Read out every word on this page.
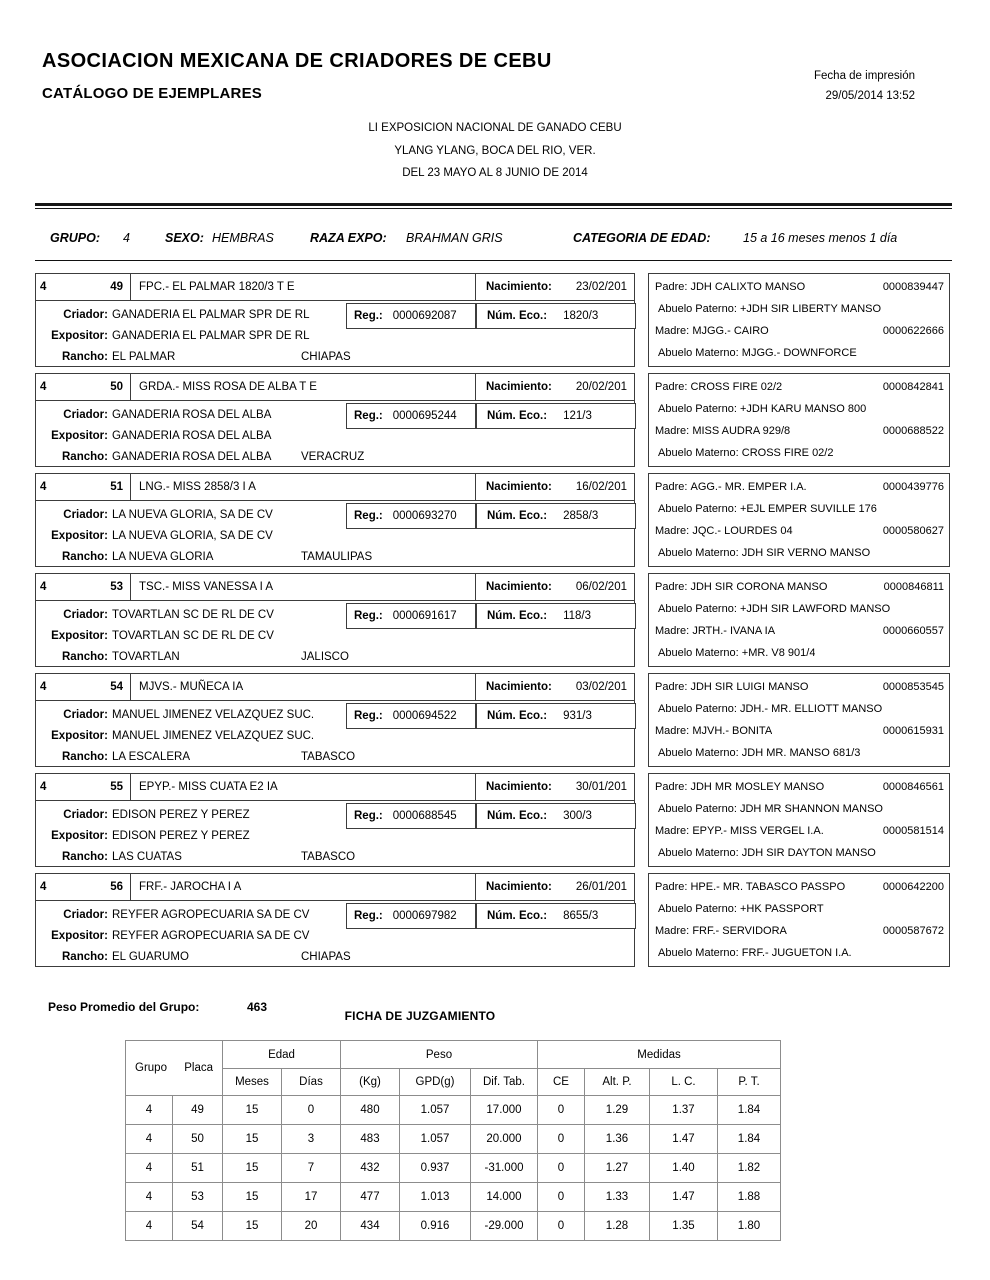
ASOCIACION MEXICANA DE CRIADORES DE CEBU
CATÁLOGO DE EJEMPLARES
Fecha de impresión
29/05/2014 13:52
LI EXPOSICION NACIONAL DE GANADO CEBU
YLANG YLANG, BOCA DEL RIO, VER.
DEL 23 MAYO AL 8 JUNIO DE 2014
GRUPO: 4	SEXO: HEMBRAS	RAZA EXPO: BRAHMAN GRIS	CATEGORIA DE EDAD:	15 a 16 meses menos 1 día
4	49	FPC.- EL PALMAR 1820/3 T E	Nacimiento: 23/02/201
Criador: GANADERIA EL PALMAR SPR DE RL
Expositor: GANADERIA EL PALMAR SPR DE RL
Rancho: EL PALMAR	CHIAPAS
Reg.: 0000692087	Núm. Eco.: 1820/3
Padre:
JDH CALIXTO MANSO	0000839447
Abuelo Paterno:
+JDH SIR LIBERTY MANSO
Madre:
MJGG.- CAIRO	0000622666
Abuelo Materno:
MJGG.- DOWNFORCE
4	50	GRDA.- MISS ROSA DE ALBA T E	Nacimiento: 20/02/201
Criador: GANADERIA ROSA DEL ALBA
Expositor: GANADERIA ROSA DEL ALBA
Rancho: GANADERIA ROSA DEL ALBA	VERACRUZ
Reg.: 0000695244	Núm. Eco.: 121/3
Padre:
CROSS FIRE 02/2	0000842841
Abuelo Paterno:
+JDH KARU MANSO 800
Madre:
MISS AUDRA 929/8	0000688522
Abuelo Materno:
CROSS FIRE 02/2
4	51	LNG.- MISS 2858/3 I A	Nacimiento: 16/02/201
Criador: LA NUEVA GLORIA, SA DE CV
Expositor: LA NUEVA GLORIA, SA DE CV
Rancho: LA NUEVA GLORIA	TAMAULIPAS
Reg.: 0000693270	Núm. Eco.: 2858/3
Padre:
AGG.- MR. EMPER I.A.	0000439776
Abuelo Paterno:
+EJL EMPER SUVILLE 176
Madre:
JQC.- LOURDES 04	0000580627
Abuelo Materno:
JDH SIR VERNO MANSO
4	53	TSC.- MISS VANESSA I A	Nacimiento: 06/02/201
Criador: TOVARTLAN SC DE RL DE CV
Expositor: TOVARTLAN SC DE RL DE CV
Rancho: TOVARTLAN	JALISCO
Reg.: 0000691617	Núm. Eco.: 118/3
Padre:
JDH SIR CORONA MANSO	0000846811
Abuelo Paterno:
+JDH SIR LAWFORD MANSO
Madre:
JRTH.- IVANA IA	0000660557
Abuelo Materno:
+MR. V8 901/4
4	54	MJVS.- MUÑECA IA	Nacimiento: 03/02/201
Criador: MANUEL JIMENEZ VELAZQUEZ SUC.
Expositor: MANUEL JIMENEZ VELAZQUEZ SUC.
Rancho: LA ESCALERA	TABASCO
Reg.: 0000694522	Núm. Eco.: 931/3
Padre:
JDH SIR LUIGI MANSO	0000853545
Abuelo Paterno:
JDH.- MR. ELLIOTT MANSO
Madre:
MJVH.- BONITA	0000615931
Abuelo Materno:
JDH MR. MANSO 681/3
4	55	EPYP.- MISS CUATA E2 IA	Nacimiento: 30/01/201
Criador: EDISON PEREZ Y PEREZ
Expositor: EDISON PEREZ Y PEREZ
Rancho: LAS CUATAS	TABASCO
Reg.: 0000688545	Núm. Eco.: 300/3
Padre:
JDH MR MOSLEY MANSO	0000846561
Abuelo Paterno:
JDH MR SHANNON MANSO
Madre:
EPYP.- MISS VERGEL I.A.	0000581514
Abuelo Materno:
JDH SIR DAYTON MANSO
4	56	FRF.- JAROCHA I A	Nacimiento: 26/01/201
Criador: REYFER AGROPECUARIA SA DE CV
Expositor: REYFER AGROPECUARIA SA DE CV
Rancho: EL GUARUMO	CHIAPAS
Reg.: 0000697982	Núm. Eco.: 8655/3
Padre:
HPE.- MR. TABASCO PASSPO	0000642200
Abuelo Paterno:
+HK PASSPORT
Madre:
FRF.- SERVIDORA	0000587672
Abuelo Materno:
FRF.- JUGUETON I.A.
Peso Promedio del Grupo:	463
FICHA DE JUZGAMIENTO
Grupo Placa		Edad		Peso			Medidas			
		Meses	Días	(Kg)	GPD(g)	Dif. Tab.	CE	Alt. P.	L. C.	P. T.
4	49	15	0	480	1.057	17.000	0	1.29	1.37	1.84
4	50	15	3	483	1.057	20.000	0	1.36	1.47	1.84
4	51	15	7	432	0.937	-31.000	0	1.27	1.40	1.82
4	53	15	17	477	1.013	14.000	0	1.33	1.47	1.88
4	54	15	20	434	0.916	-29.000	0	1.28	1.35	1.80
